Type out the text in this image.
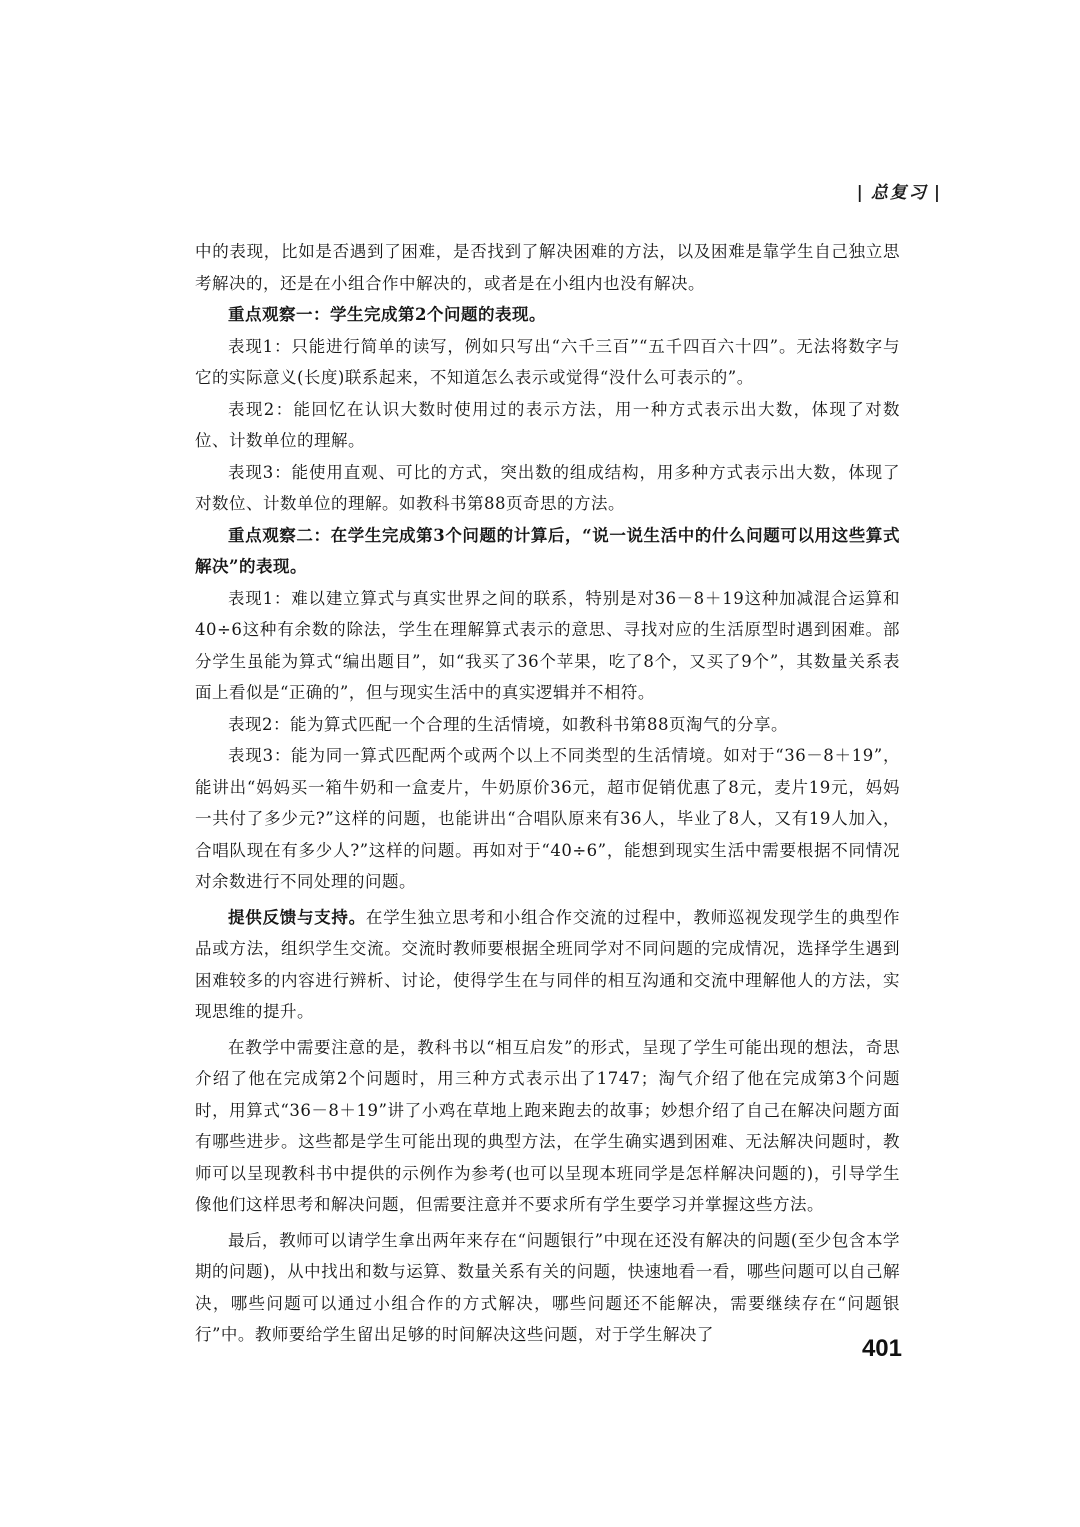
| 总复习 |

中的表现，比如是否遇到了困难，是否找到了解决困难的方法，以及困难是靠学生自己独立思考解决的，还是在小组合作中解决的，或者是在小组内也没有解决。

重点观察一：学生完成第2个问题的表现。

表现1：只能进行简单的读写，例如只写出“六千三百”“五千四百六十四”。无法将数字与它的实际意义(长度)联系起来，不知道怎么表示或觉得“没什么可表示的”。

表现2：能回忆在认识大数时使用过的表示方法，用一种方式表示出大数，体现了对数位、计数单位的理解。

表现3：能使用直观、可比的方式，突出数的组成结构，用多种方式表示出大数，体现了对数位、计数单位的理解。如教科书第88页奇思的方法。

重点观察二：在学生完成第3个问题的计算后，“说一说生活中的什么问题可以用这些算式解决”的表现。

表现1：难以建立算式与真实世界之间的联系，特别是对36－8＋19这种加减混合运算和40÷6这种有余数的除法，学生在理解算式表示的意思、寻找对应的生活原型时遇到困难。部分学生虽能为算式“编出题目”，如“我买了36个苹果，吃了8个，又买了9个”，其数量关系表面上看似是“正确的”，但与现实生活中的真实逻辑并不相符。

表现2：能为算式匹配一个合理的生活情境，如教科书第88页淘气的分享。

表现3：能为同一算式匹配两个或两个以上不同类型的生活情境。如对于“36－8＋19”，能讲出“妈妈买一箱牛奶和一盒麦片，牛奶原价36元，超市促销优惠了8元，麦片19元，妈妈一共付了多少元?”这样的问题，也能讲出“合唱队原来有36人，毕业了8人，又有19人加入，合唱队现在有多少人?”这样的问题。再如对于“40÷6”，能想到现实生活中需要根据不同情况对余数进行不同处理的问题。

提供反馈与支持。在学生独立思考和小组合作交流的过程中，教师巡视发现学生的典型作品或方法，组织学生交流。交流时教师要根据全班同学对不同问题的完成情况，选择学生遇到困难较多的内容进行辨析、讨论，使得学生在与同伴的相互沟通和交流中理解他人的方法，实现思维的提升。

在教学中需要注意的是，教科书以“相互启发”的形式，呈现了学生可能出现的想法，奇思介绍了他在完成第2个问题时，用三种方式表示出了1747；淘气介绍了他在完成第3个问题时，用算式“36－8＋19”讲了小鸡在草地上跑来跑去的故事；妙想介绍了自己在解决问题方面有哪些进步。这些都是学生可能出现的典型方法，在学生确实遇到困难、无法解决问题时，教师可以呈现教科书中提供的示例作为参考(也可以呈现本班同学是怎样解决问题的)，引导学生像他们这样思考和解决问题，但需要注意并不要求所有学生要学习并掌握这些方法。

最后，教师可以请学生拿出两年来存在“问题银行”中现在还没有解决的问题(至少包含本学期的问题)，从中找出和数与运算、数量关系有关的问题，快速地看一看，哪些问题可以自己解决，哪些问题可以通过小组合作的方式解决，哪些问题还不能解决，需要继续存在“问题银行”中。教师要给学生留出足够的时间解决这些问题，对于学生解决了

401
